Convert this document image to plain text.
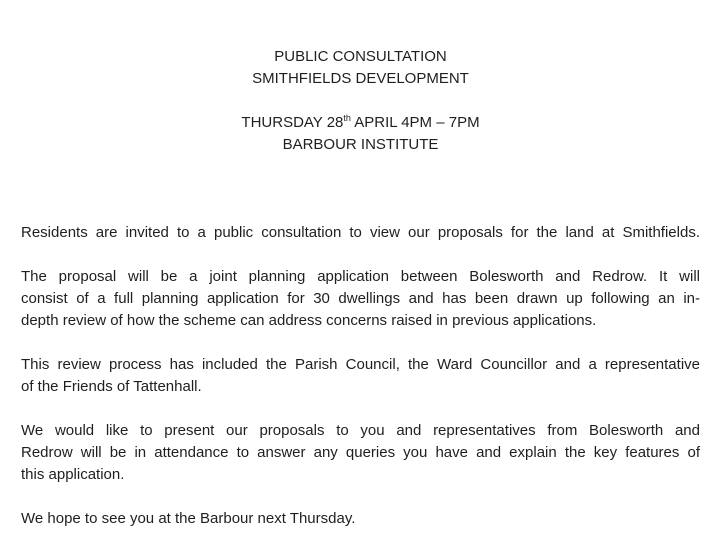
PUBLIC CONSULTATION
SMITHFIELDS DEVELOPMENT
THURSDAY 28th APRIL 4PM – 7PM
BARBOUR INSTITUTE
Residents are invited to a public consultation to view our proposals for the land at Smithfields.
The proposal will be a joint planning application between Bolesworth and Redrow. It will
consist of a full planning application for 30 dwellings and has been drawn up following an in-
depth review of how the scheme can address concerns raised in previous applications.
This review process has included the Parish Council, the Ward Councillor and a representative
of the Friends of Tattenhall.
We would like to present our proposals to you and representatives from Bolesworth and
Redrow will be in attendance to answer any queries you have and explain the key features of
this application.
We hope to see you at the Barbour next Thursday.
